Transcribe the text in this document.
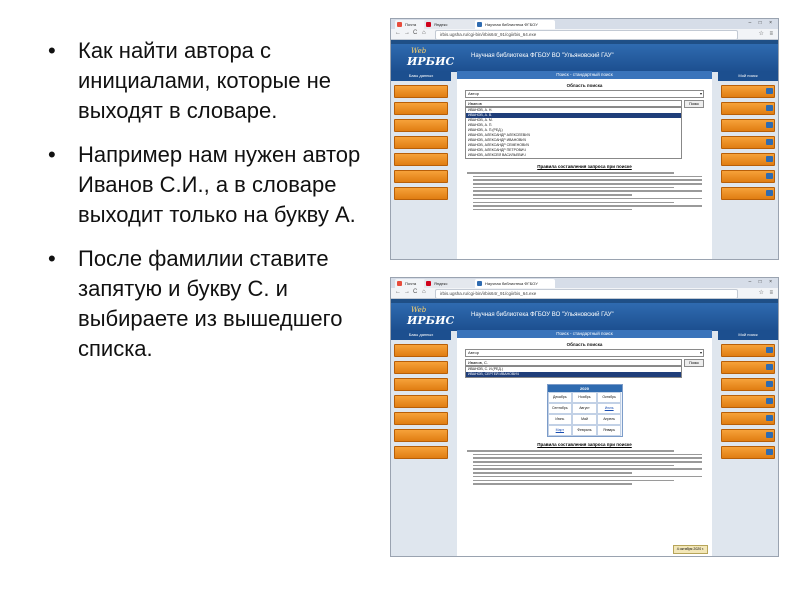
• Как найти автора с инициалами, которые не выходят в словаре.
• Например нам нужен автор Иванов С.И., а в словаре выходит только на букву А.
• После фамилии ставите запятую и букву С. и выбираете из вышедшего списка.
Почта	Яндекс	Научная библиотека ФГБОУ	– □ ×
← → C ⌂	irbis.ugsha.ru/cgi-bin/irbis64r_91/cgiirbis_64.exe	☆ ≡
Web
ИРБИС	Научная библиотека ФГБОУ ВО "Ульяновский ГАУ"
Базы данных	Мой поиск
Поиск - стандартный поиск
Область поиска
Автор	▾
Иванов	Поиск
ИВАНОВ, А. Н.
ИВАНОВ, А. В.
ИВАНОВ, А. М.
ИВАНОВ, А. П.
ИВАНОВ, А. П.(РЕД.)
ИВАНОВ, АЛЕКСАНДР АЛЕКСЕЕВИЧ
ИВАНОВ, АЛЕКСАНДР ИВАНОВИЧ
ИВАНОВ, АЛЕКСАНДР СЕМЕНОВИЧ
ИВАНОВ, АЛЕКСАНДР ПЕТРОВИЧ
ИВАНОВ, АЛЕКСЕЙ ВАСИЛЬЕВИЧ
Правила составления запроса при поиске
Почта	Яндекс	Научная библиотека ФГБОУ	– □ ×
← → C ⌂	irbis.ugsha.ru/cgi-bin/irbis64r_91/cgiirbis_64.exe	☆ ≡
Web
ИРБИС	Научная библиотека ФГБОУ ВО "Ульяновский ГАУ"
Базы данных	Мой поиск
Поиск - стандартный поиск
Область поиска
Автор	▾
Иванов, С.	Поиск
ИВАНОВ, С. И.(РЕД.)
ИВАНОВ, СЕРГЕЙ ИВАНОВИЧ
2020
Декабрь	Ноябрь	Октябрь
Сентябрь	Август	Июль
Июнь	Май	Апрель
Март	Февраль	Январь
Правила составления запроса при поиске
4 октября 2020 г.
